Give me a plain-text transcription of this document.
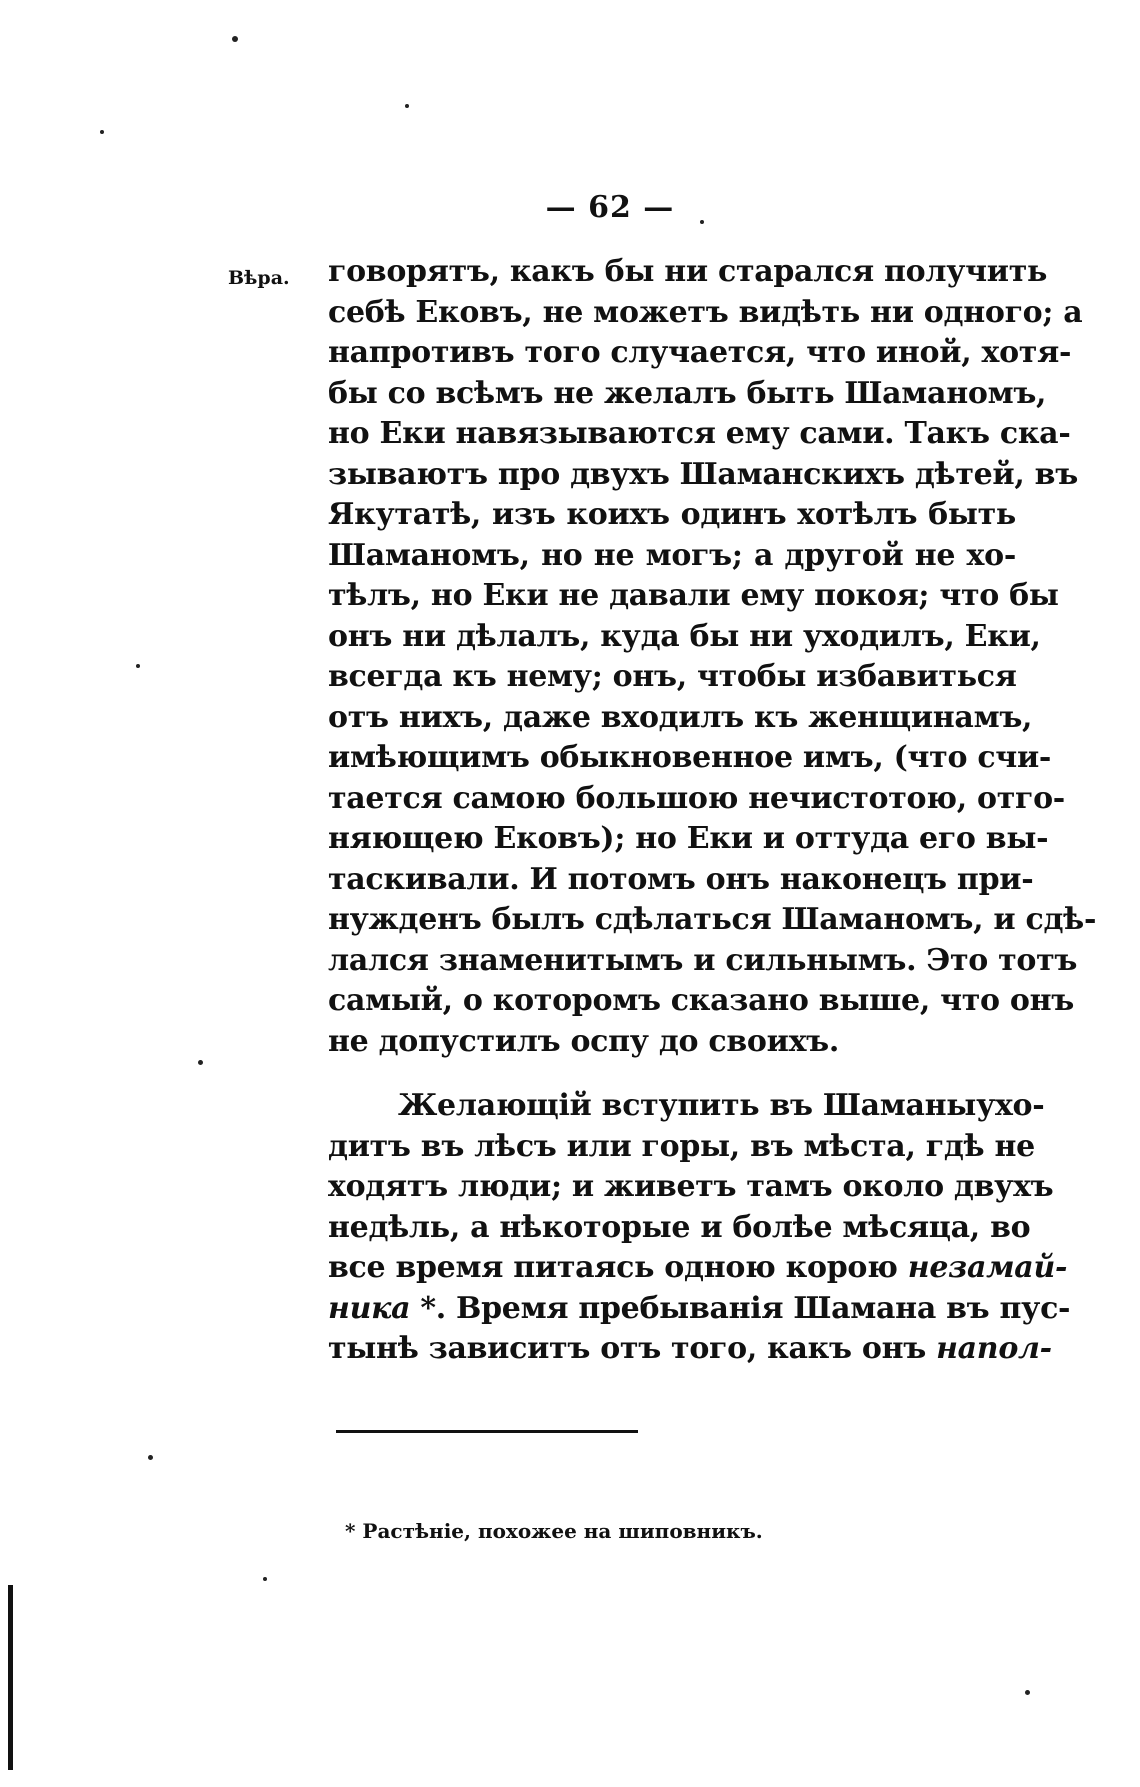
— 62 —
Вѣра. говорятъ, какъ бы ни старался получить
себѣ Ековъ, не можетъ видѣть ни одного; а
напротивъ того случается, что иной, хотя-
бы со всѣмъ не желалъ быть Шаманомъ,
но Еки навязываются ему сами. Такъ ска-
зываютъ про двухъ Шаманскихъ дѣтей, въ
Якутатѣ, изъ коихъ одинъ хотѣлъ быть
Шаманомъ, но не могъ; а другой не хо-
тѣлъ, но Еки не давали ему покоя; что бы
онъ ни дѣлалъ, куда бы ни уходилъ, Еки,
всегда къ нему; онъ, чтобы избавиться
отъ нихъ, даже входилъ къ женщинамъ,
имѣющимъ обыкновенное имъ, (что счи-
тается самою большою нечистотою, отго-
няющею Ековъ); но Еки и оттуда его вы-
таскивали. И потомъ онъ наконецъ при-
нужденъ былъ сдѣлаться Шаманомъ, и сдѣ-
лался знаменитымъ и сильнымъ. Это тотъ
самый, о которомъ сказано выше, что онъ
не допустилъ оспу до своихъ.
Желающій вступить въ Шаманыухо-
дитъ въ лѣсъ или горы, въ мѣста, гдѣ не
ходятъ люди; и живетъ тамъ около двухъ
недѣль, а нѣкоторые и болѣе мѣсяца, во
все время питаясь одною корою незамай-
ника *. Время пребыванія Шамана въ пус-
тынѣ зависитъ отъ того, какъ онъ напол-
* Растѣніе, похожее на шиповникъ.
